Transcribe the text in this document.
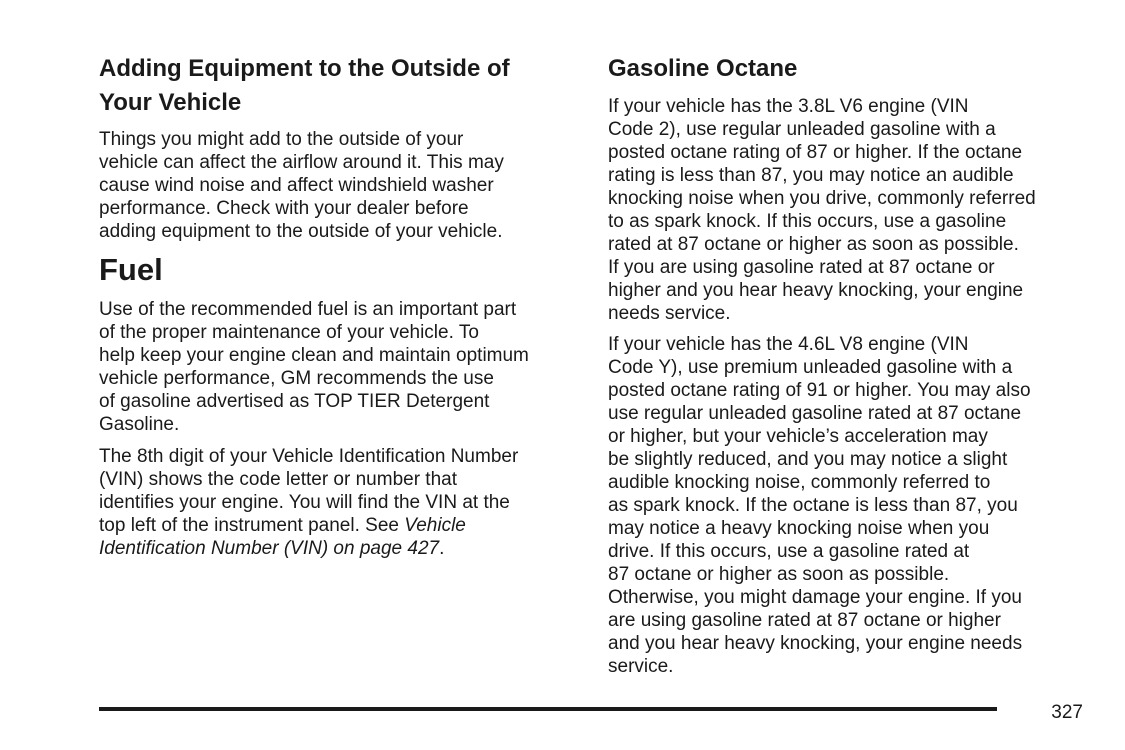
Adding Equipment to the Outside of
Your Vehicle

Things you might add to the outside of your
vehicle can affect the airflow around it. This may
cause wind noise and affect windshield washer
performance. Check with your dealer before
adding equipment to the outside of your vehicle.

Fuel

Use of the recommended fuel is an important part
of the proper maintenance of your vehicle. To
help keep your engine clean and maintain optimum
vehicle performance, GM recommends the use
of gasoline advertised as TOP TIER Detergent
Gasoline.

The 8th digit of your Vehicle Identification Number
(VIN) shows the code letter or number that
identifies your engine. You will find the VIN at the
top left of the instrument panel. See Vehicle
Identification Number (VIN) on page 427.

Gasoline Octane

If your vehicle has the 3.8L V6 engine (VIN
Code 2), use regular unleaded gasoline with a
posted octane rating of 87 or higher. If the octane
rating is less than 87, you may notice an audible
knocking noise when you drive, commonly referred
to as spark knock. If this occurs, use a gasoline
rated at 87 octane or higher as soon as possible.
If you are using gasoline rated at 87 octane or
higher and you hear heavy knocking, your engine
needs service.

If your vehicle has the 4.6L V8 engine (VIN
Code Y), use premium unleaded gasoline with a
posted octane rating of 91 or higher. You may also
use regular unleaded gasoline rated at 87 octane
or higher, but your vehicle’s acceleration may
be slightly reduced, and you may notice a slight
audible knocking noise, commonly referred to
as spark knock. If the octane is less than 87, you
may notice a heavy knocking noise when you
drive. If this occurs, use a gasoline rated at
87 octane or higher as soon as possible.
Otherwise, you might damage your engine. If you
are using gasoline rated at 87 octane or higher
and you hear heavy knocking, your engine needs
service.

327
